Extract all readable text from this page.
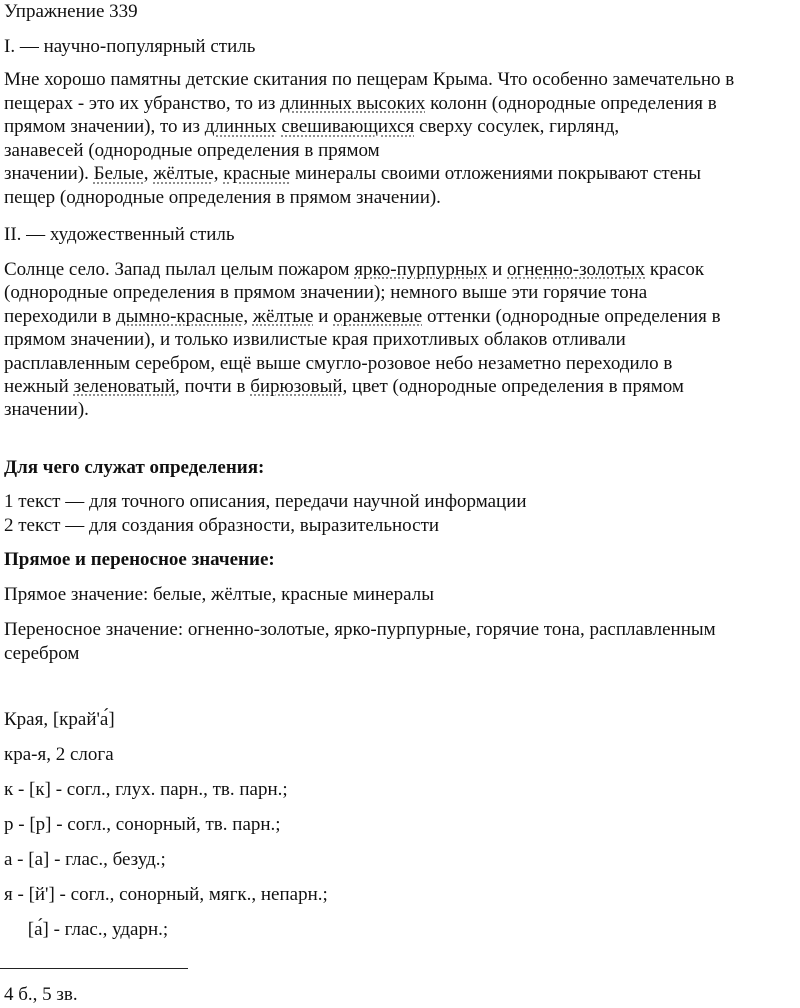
Упражнение 339
I. — научно-популярный стиль
Мне хорошо памятны детские скитания по пещерам Крыма. Что особенно замечательно в
пещерах - это их убранство, то из длинных высоких колонн (однородные определения в
прямом значении), то из длинных свешивающихся сверху сосулек, гирлянд,
занавесей (однородные определения в прямом
значении). Белые, жёлтые, красные минералы своими отложениями покрывают стены
пещер (однородные определения в прямом значении).
II. — художественный стиль
Солнце село. Запад пылал целым пожаром ярко-пурпурных и огненно-золотых красок
(однородные определения в прямом значении); немного выше эти горячие тона
переходили в дымно-красные, жёлтые и оранжевые оттенки (однородные определения в
прямом значении), и только извилистые края прихотливых облаков отливали
расплавленным серебром, ещё выше смугло-розовое небо незаметно переходило в
нежный зеленоватый, почти в бирюзовый, цвет (однородные определения в прямом
значении).
Для чего служат определения:
1 текст — для точного описания, передачи научной информации
2 текст — для создания образности, выразительности
Прямое и переносное значение:
Прямое значение: белые, жёлтые, красные минералы
Переносное значение: огненно-золотые, ярко-пурпурные, горячие тона, расплавленным
серебром
Края, [край'а́]
кра-я, 2 слога
к - [к] - согл., глух. парн., тв. парн.;
р - [р] - согл., сонорный, тв. парн.;
а - [а] - глас., безуд.;
я - [й'] - согл., сонорный, мягк., непарн.;
[а́] - глас., ударн.;
4 б., 5 зв.
